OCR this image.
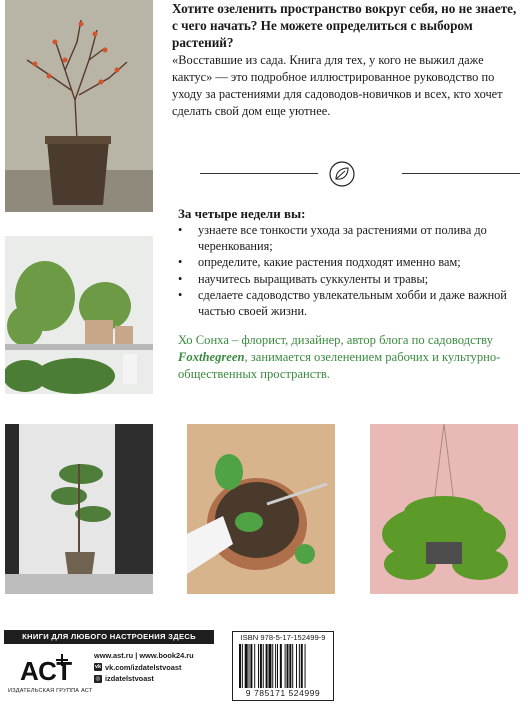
Хотите озеленить пространство вокруг себя, но не знаете, с чего начать? Не можете определиться с выбором растений?
«Восставшие из сада. Книга для тех, у кого не выжил даже кактус» — это подробное иллюстрированное руководство по уходу за растениями для садоводов-новичков и всех, кто хочет сделать свой дом еще уютнее.
За четыре недели вы:
• узнаете все тонкости ухода за растениями от полива до черенкования;
• определите, какие растения подходят именно вам;
• научитесь выращивать суккуленты и травы;
• сделаете садоводство увлекательным хобби и даже важной частью своей жизни.
Хо Сонха – флорист, дизайнер, автор блога по садоводству Foxthegreen, занимается озеленением рабочих и культурно-общественных пространств.
КНИГИ ДЛЯ ЛЮБОГО НАСТРОЕНИЯ ЗДЕСЬ
АСТ
ИЗДАТЕЛЬСКАЯ ГРУППА АСТ
www.ast.ru | www.book24.ru
vk vk.com/izdatelstvoast
◎ izdatelstvoast
ISBN 978-5-17-152499-9
9 785171 524999
